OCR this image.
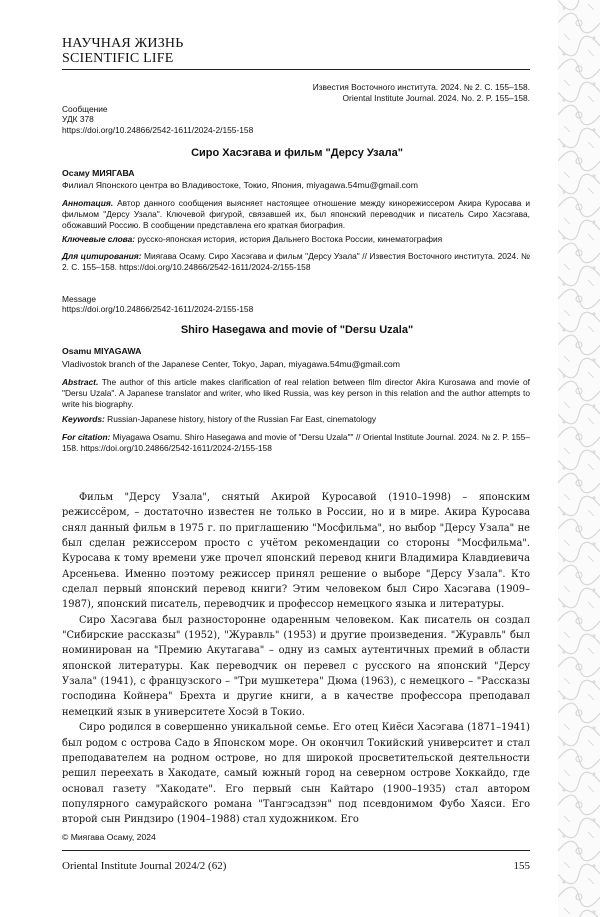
НАУЧНАЯ ЖИЗНЬ
SCIENTIFIC LIFE
Известия Восточного института. 2024. № 2. С. 155–158.
Oriental Institute Journal. 2024. No. 2. P. 155–158.
Сообщение
УДК 378
https://doi.org/10.24866/2542-1611/2024-2/155-158
Сиро Хасэгава и фильм "Дерсу Узала"
Осаму МИЯГАВА
Филиал Японского центра во Владивостоке, Токио, Япония, miyagawa.54mu@gmail.com
Аннотация. Автор данного сообщения выясняет настоящее отношение между кинорежиссером Акира Куросава и фильмом "Дерсу Узала". Ключевой фигурой, связавшей их, был японский переводчик и писатель Сиро Хасэгава, обожавший Россию. В сообщении представлена его краткая биография.
Ключевые слова: русско-японская история, история Дальнего Востока России, кинематография
Для цитирования: Миягава Осаму. Сиро Хасэгава и фильм "Дерсу Узала" // Известия Восточного института. 2024. № 2. С. 155–158. https://doi.org/10.24866/2542-1611/2024-2/155-158
Message
https://doi.org/10.24866/2542-1611/2024-2/155-158
Shiro Hasegawa and movie of "Dersu Uzala"
Osamu MIYAGAWA
Vladivostok branch of the Japanese Center, Tokyo, Japan, miyagawa.54mu@gmail.com
Abstract. The author of this article makes clarification of real relation between film director Akira Kurosawa and movie of "Dersu Uzala". A Japanese translator and writer, who liked Russia, was key person in this relation and the author attempts to write his biography.
Keywords: Russian-Japanese history, history of the Russian Far East, cinematology
For citation: Miyagawa Osamu. Shiro Hasegawa and movie of "Dersu Uzala"" // Oriental Institute Journal. 2024. № 2. P. 155–158. https://doi.org/10.24866/2542-1611/2024-2/155-158

Фильм "Дерсу Узала", снятый Акирой Куросавой (1910–1998) – японским режиссёром, – достаточно известен не только в России, но и в мире. Акира Куросава снял данный фильм в 1975 г. по приглашению "Мосфильма", но выбор "Дерсу Узала" не был сделан режиссером просто с учётом рекомендации со стороны "Мосфильма". Куросава к тому времени уже прочел японский перевод книги Владимира Клавдиевича Арсеньева. Именно поэтому режиссер принял решение о выборе "Дерсу Узала". Кто сделал первый японский перевод книги? Этим человеком был Сиро Хасэгава (1909–1987), японский писатель, переводчик и профессор немецкого языка и литературы.

Сиро Хасэгава был разносторонне одаренным человеком. Как писатель он создал "Сибирские рассказы" (1952), "Журавль" (1953) и другие произведения. "Журавль" был номинирован на "Премию Акутагава" – одну из самых аутентичных премий в области японской литературы. Как переводчик он перевел с русского на японский "Дерсу Узала" (1941), с французского – "Три мушкетера" Дюма (1963), с немецкого – "Рассказы господина Койнера" Брехта и другие книги, а в качестве профессора преподавал немецкий язык в университете Хосэй в Токио.

Сиро родился в совершенно уникальной семье. Его отец Киёси Хасэгава (1871–1941) был родом с острова Садо в Японском море. Он окончил Токийский университет и стал преподавателем на родном острове, но для широкой просветительской деятельности решил переехать в Хакодате, самый южный город на северном острове Хоккайдо, где основал газету "Хакодате". Его первый сын Кайтаро (1900–1935) стал автором популярного самурайского романа "Тангэсадзэн" под псевдонимом Фубо Хаяси. Его второй сын Риндзиро (1904–1988) стал художником. Его

© Миягава Осаму, 2024
Oriental Institute Journal 2024/2 (62)	155
